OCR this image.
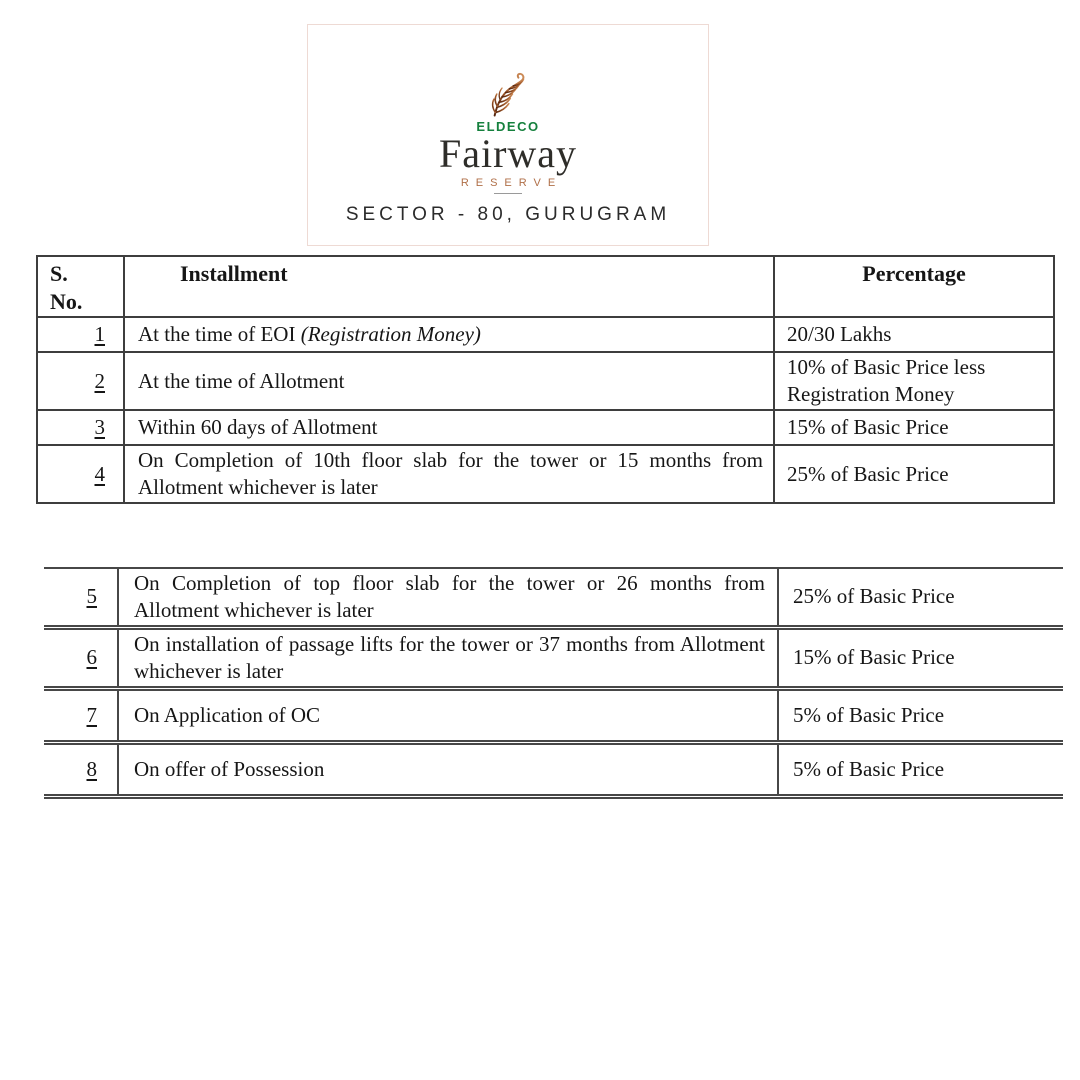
ELDECO
Fairway
RESERVE
SECTOR - 80, GURUGRAM
S. No.	Installment	Percentage
1	At the time of EOI (Registration Money)	20/30 Lakhs
2	At the time of Allotment	10% of Basic Price less Registration Money
3	Within 60 days of Allotment	15% of Basic Price
4	On Completion of 10th floor slab for the tower or 15 months from Allotment whichever is later	25% of Basic Price
5	On Completion of top floor slab for the tower or 26 months from Allotment whichever is later	25% of Basic Price
6	On installation of passage lifts for the tower or 37 months from Allotment whichever is later	15% of Basic Price
7	On Application of OC	5% of Basic Price
8	On offer of Possession	5% of Basic Price
